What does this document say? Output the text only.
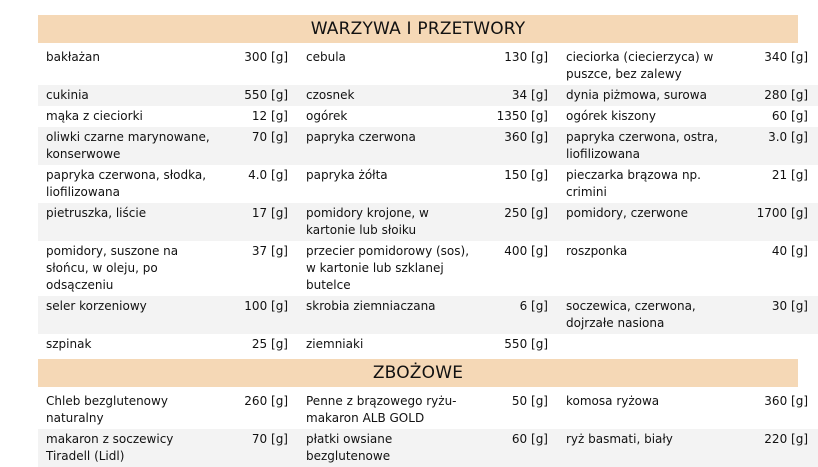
WARZYWA I PRZETWORY
bakłażan	300 [g]	cebula	130 [g]	cieciorka (ciecierzyca) w puszce, bez zalewy	340 [g]
cukinia	550 [g]	czosnek	34 [g]	dynia piżmowa, surowa	280 [g]
mąka z cieciorki	12 [g]	ogórek	1350 [g]	ogórek kiszony	60 [g]
oliwki czarne marynowane, konserwowe	70 [g]	papryka czerwona	360 [g]	papryka czerwona, ostra, liofilizowana	3.0 [g]
papryka czerwona, słodka, liofilizowana	4.0 [g]	papryka żółta	150 [g]	pieczarka brązowa np. crimini	21 [g]
pietruszka, liście	17 [g]	pomidory krojone, w kartonie lub słoiku	250 [g]	pomidory, czerwone	1700 [g]
pomidory, suszone na słońcu, w oleju, po odsączeniu	37 [g]	przecier pomidorowy (sos), w kartonie lub szklanej butelce	400 [g]	roszponka	40 [g]
seler korzeniowy	100 [g]	skrobia ziemniaczana	6 [g]	soczewica, czerwona, dojrzałe nasiona	30 [g]
szpinak	25 [g]	ziemniaki	550 [g]		
ZBOŻOWE
Chleb bezglutenowy naturalny	260 [g]	Penne z brązowego ryżu- makaron ALB GOLD	50 [g]	komosa ryżowa	360 [g]
makaron z soczewicy Tiradell (Lidl)	70 [g]	płatki owsiane bezglutenowe	60 [g]	ryż basmati, biały	220 [g]
